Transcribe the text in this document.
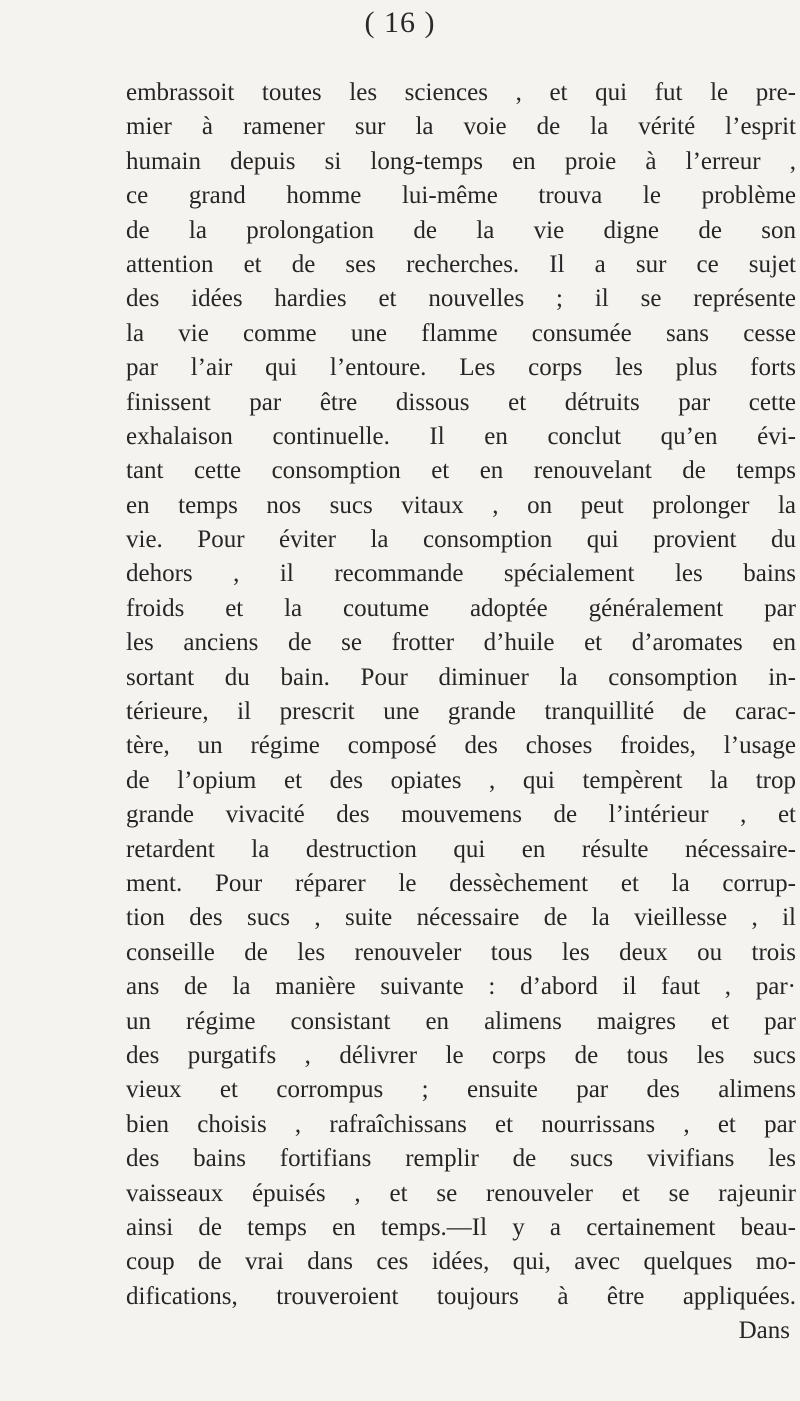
( 16 )
embrassoit toutes les sciences , et qui fut le pre-
mier à ramener sur la voie de la vérité l’esprit
humain depuis si long-temps en proie à l’erreur ,
ce grand homme lui-même trouva le problème
de la prolongation de la vie digne de son
attention et de ses recherches. Il a sur ce sujet
des idées hardies et nouvelles ; il se représente
la vie comme une flamme consumée sans cesse
par l’air qui l’entoure. Les corps les plus forts
finissent par être dissous et détruits par cette
exhalaison continuelle. Il en conclut qu’en évi-
tant cette consomption et en renouvelant de temps
en temps nos sucs vitaux , on peut prolonger la
vie. Pour éviter la consomption qui provient du
dehors , il recommande spécialement les bains
froids et la coutume adoptée généralement par
les anciens de se frotter d’huile et d’aromates en
sortant du bain. Pour diminuer la consomption in-
térieure, il prescrit une grande tranquillité de carac-
tère, un régime composé des choses froides, l’usage
de l’opium et des opiates , qui tempèrent la trop
grande vivacité des mouvemens de l’intérieur , et
retardent la destruction qui en résulte nécessaire-
ment. Pour réparer le dessèchement et la corrup-
tion des sucs , suite nécessaire de la vieillesse , il
conseille de les renouveler tous les deux ou trois
ans de la manière suivante : d’abord il faut , par·
un régime consistant en alimens maigres et par
des purgatifs , délivrer le corps de tous les sucs
vieux et corrompus ; ensuite par des alimens
bien choisis , rafraîchissans et nourrissans , et par
des bains fortifians remplir de sucs vivifians les
vaisseaux épuisés , et se renouveler et se rajeunir
ainsi de temps en temps.—Il y a certainement beau-
coup de vrai dans ces idées, qui, avec quelques mo-
difications, trouveroient toujours à être appliquées.
Dans
